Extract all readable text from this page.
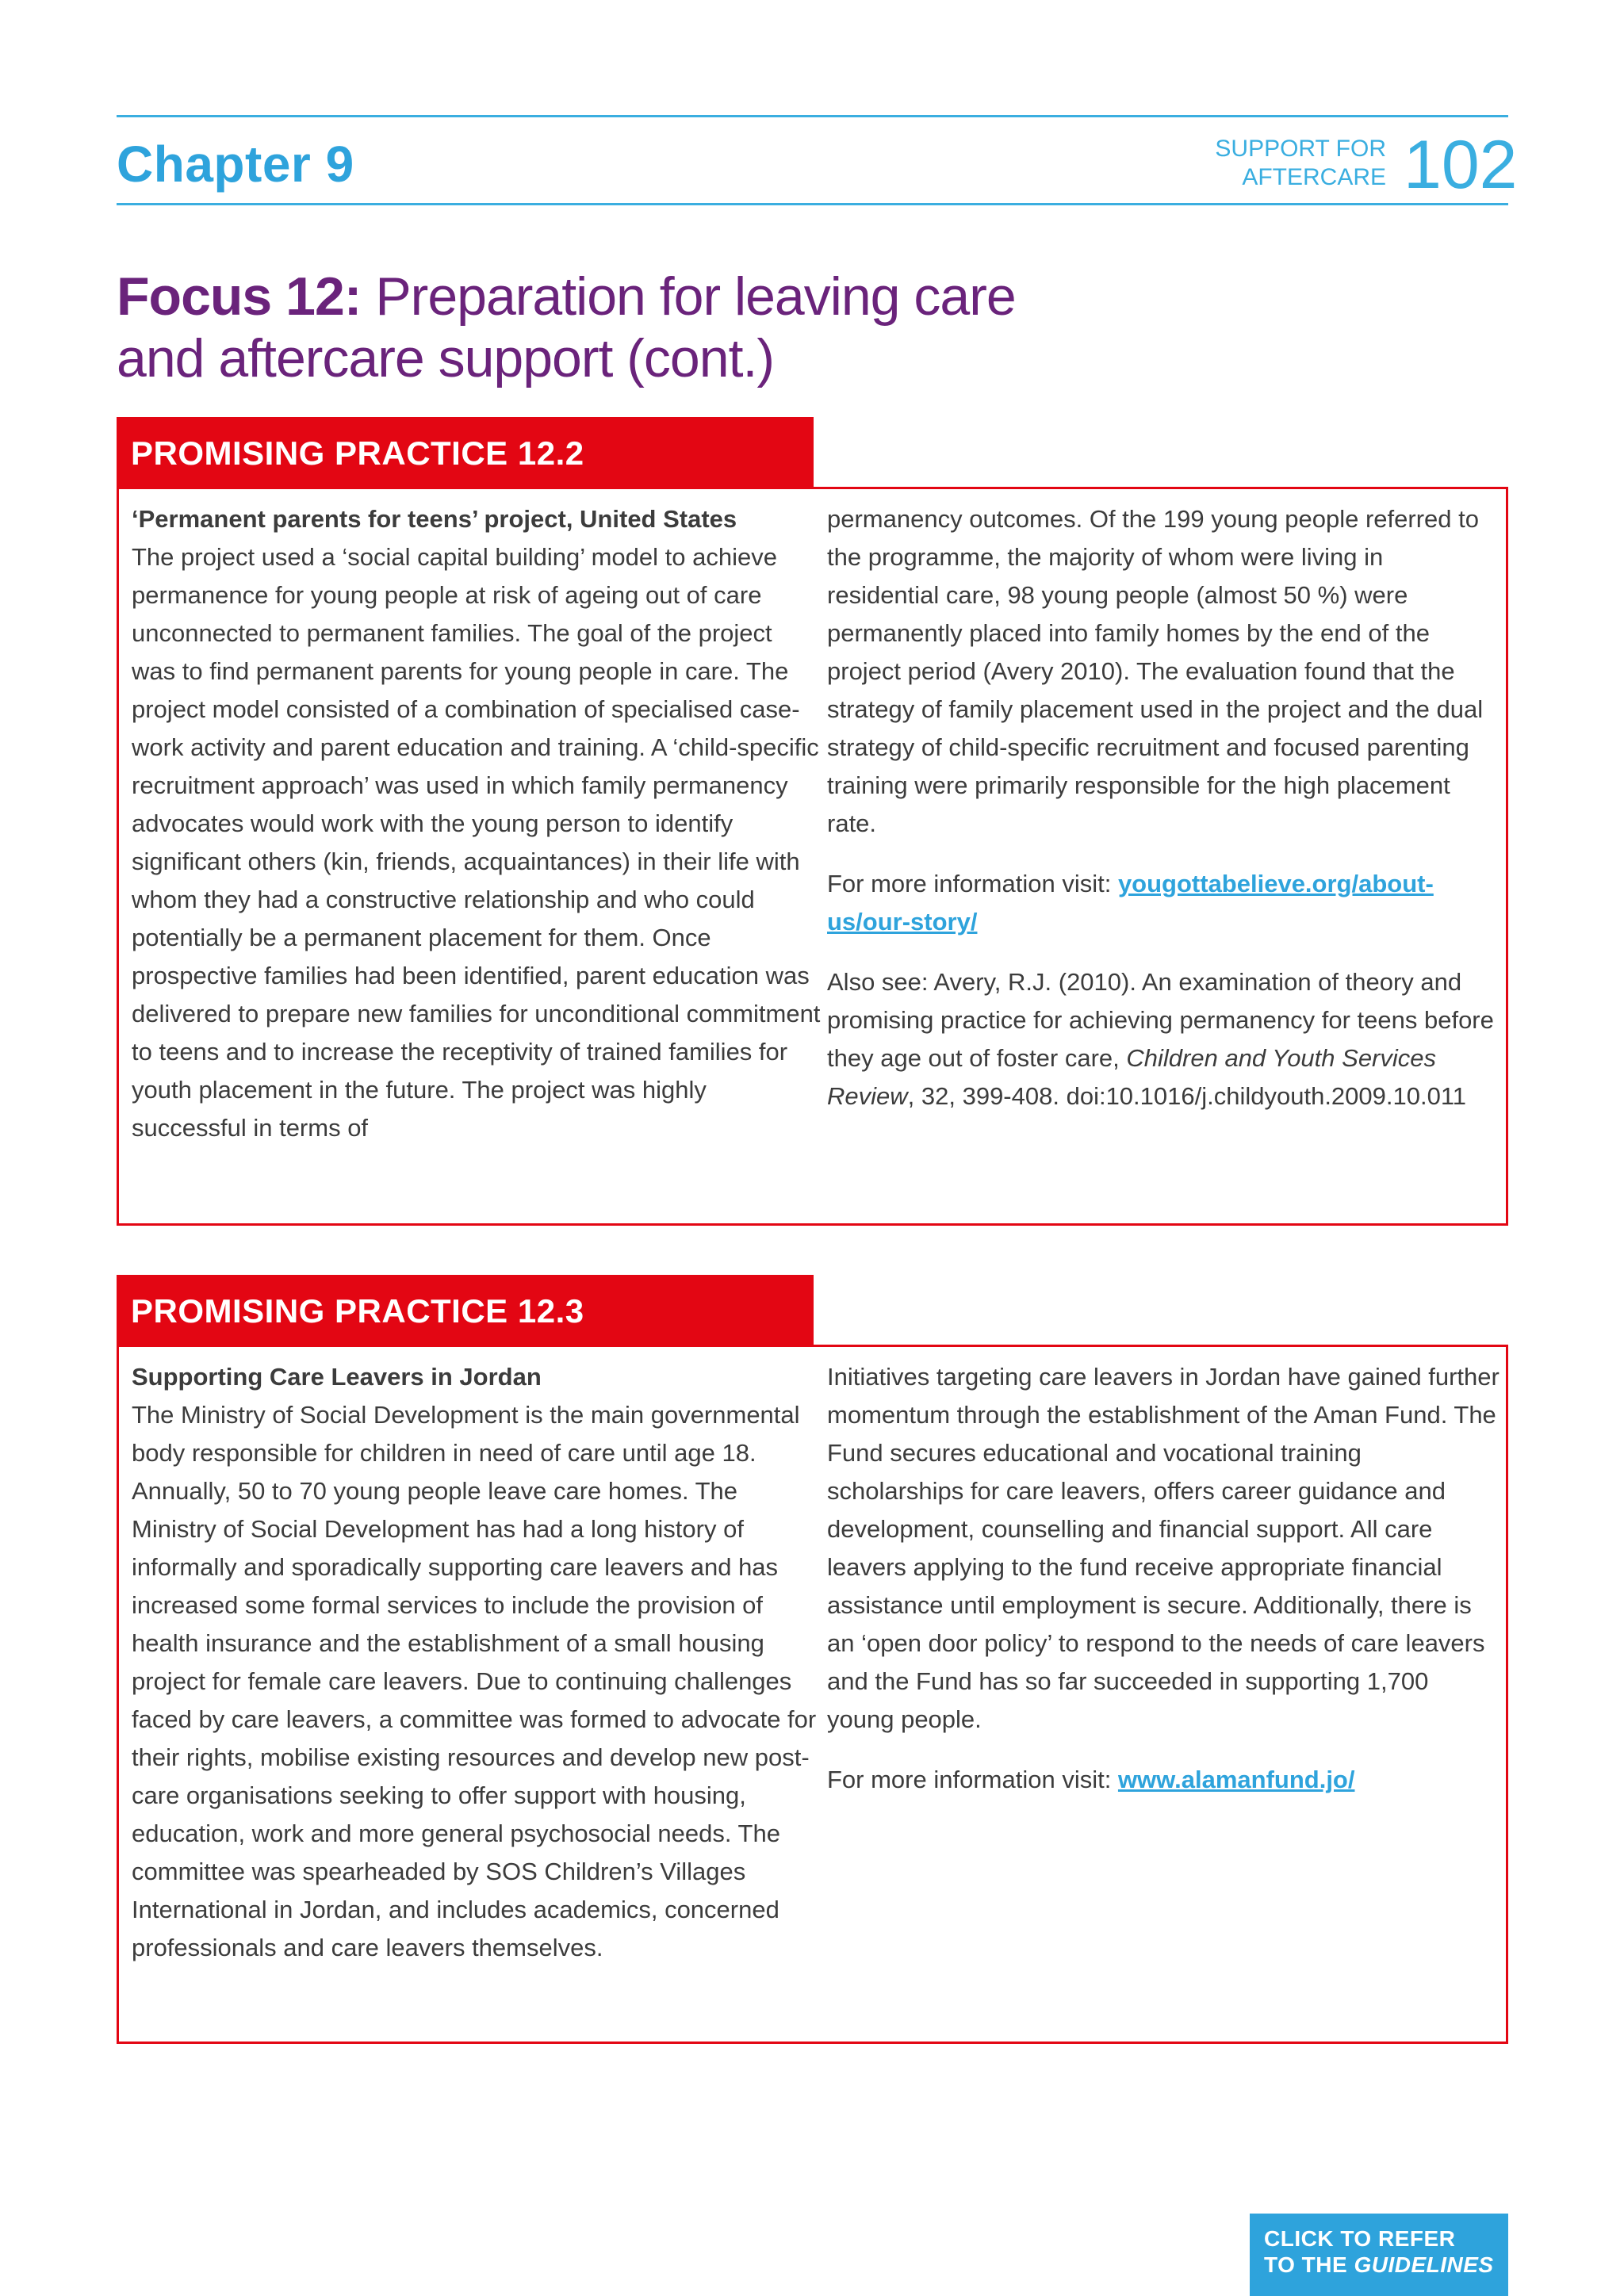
Chapter 9	SUPPORT FOR
AFTERCARE 102
Focus 12: Preparation for leaving care
and aftercare support (cont.)
PROMISING PRACTICE 12.2

‘Permanent parents for teens’ project, United States
The project used a ‘social capital building’ model to achieve permanence for young people at risk of ageing out of care unconnected to permanent families. The goal of the project was to find permanent parents for young people in care. The project model consisted of a combination of specialised case-work activity and parent education and training. A ‘child-specific recruitment approach’ was used in which family permanency advocates would work with the young person to identify significant others (kin, friends, acquaintances) in their life with whom they had a constructive relationship and who could potentially be a permanent placement for them. Once prospective families had been identified, parent education was delivered to prepare new families for unconditional commitment to teens and to increase the receptivity of trained families for youth placement in the future. The project was highly successful in terms of

permanency outcomes. Of the 199 young people referred to the programme, the majority of whom were living in residential care, 98 young people (almost 50 %) were permanently placed into family homes by the end of the project period (Avery 2010). The evaluation found that the strategy of family placement used in the project and the dual strategy of child-specific recruitment and focused parenting training were primarily responsible for the high placement rate.

For more information visit: yougottabelieve.org/about-us/our-story/

Also see: Avery, R.J. (2010). An examination of theory and promising practice for achieving permanency for teens before they age out of foster care, Children and Youth Services Review, 32, 399-408. doi:10.1016/j.childyouth.2009.10.011

PROMISING PRACTICE 12.3

Supporting Care Leavers in Jordan
The Ministry of Social Development is the main governmental body responsible for children in need of care until age 18. Annually, 50 to 70 young people leave care homes. The Ministry of Social Development has had a long history of informally and sporadically supporting care leavers and has increased some formal services to include the provision of health insurance and the establishment of a small housing project for female care leavers. Due to continuing challenges faced by care leavers, a committee was formed to advocate for their rights, mobilise existing resources and develop new post-care organisations seeking to offer support with housing, education, work and more general psychosocial needs. The committee was spearheaded by SOS Children’s Villages International in Jordan, and includes academics, concerned professionals and care leavers themselves.

Initiatives targeting care leavers in Jordan have gained further momentum through the establishment of the Aman Fund. The Fund secures educational and vocational training scholarships for care leavers, offers career guidance and development, counselling and financial support. All care leavers applying to the fund receive appropriate financial assistance until employment is secure. Additionally, there is an ‘open door policy’ to respond to the needs of care leavers and the Fund has so far succeeded in supporting 1,700 young people.

For more information visit: www.alamanfund.jo/

CLICK TO REFER
TO THE GUIDELINES
